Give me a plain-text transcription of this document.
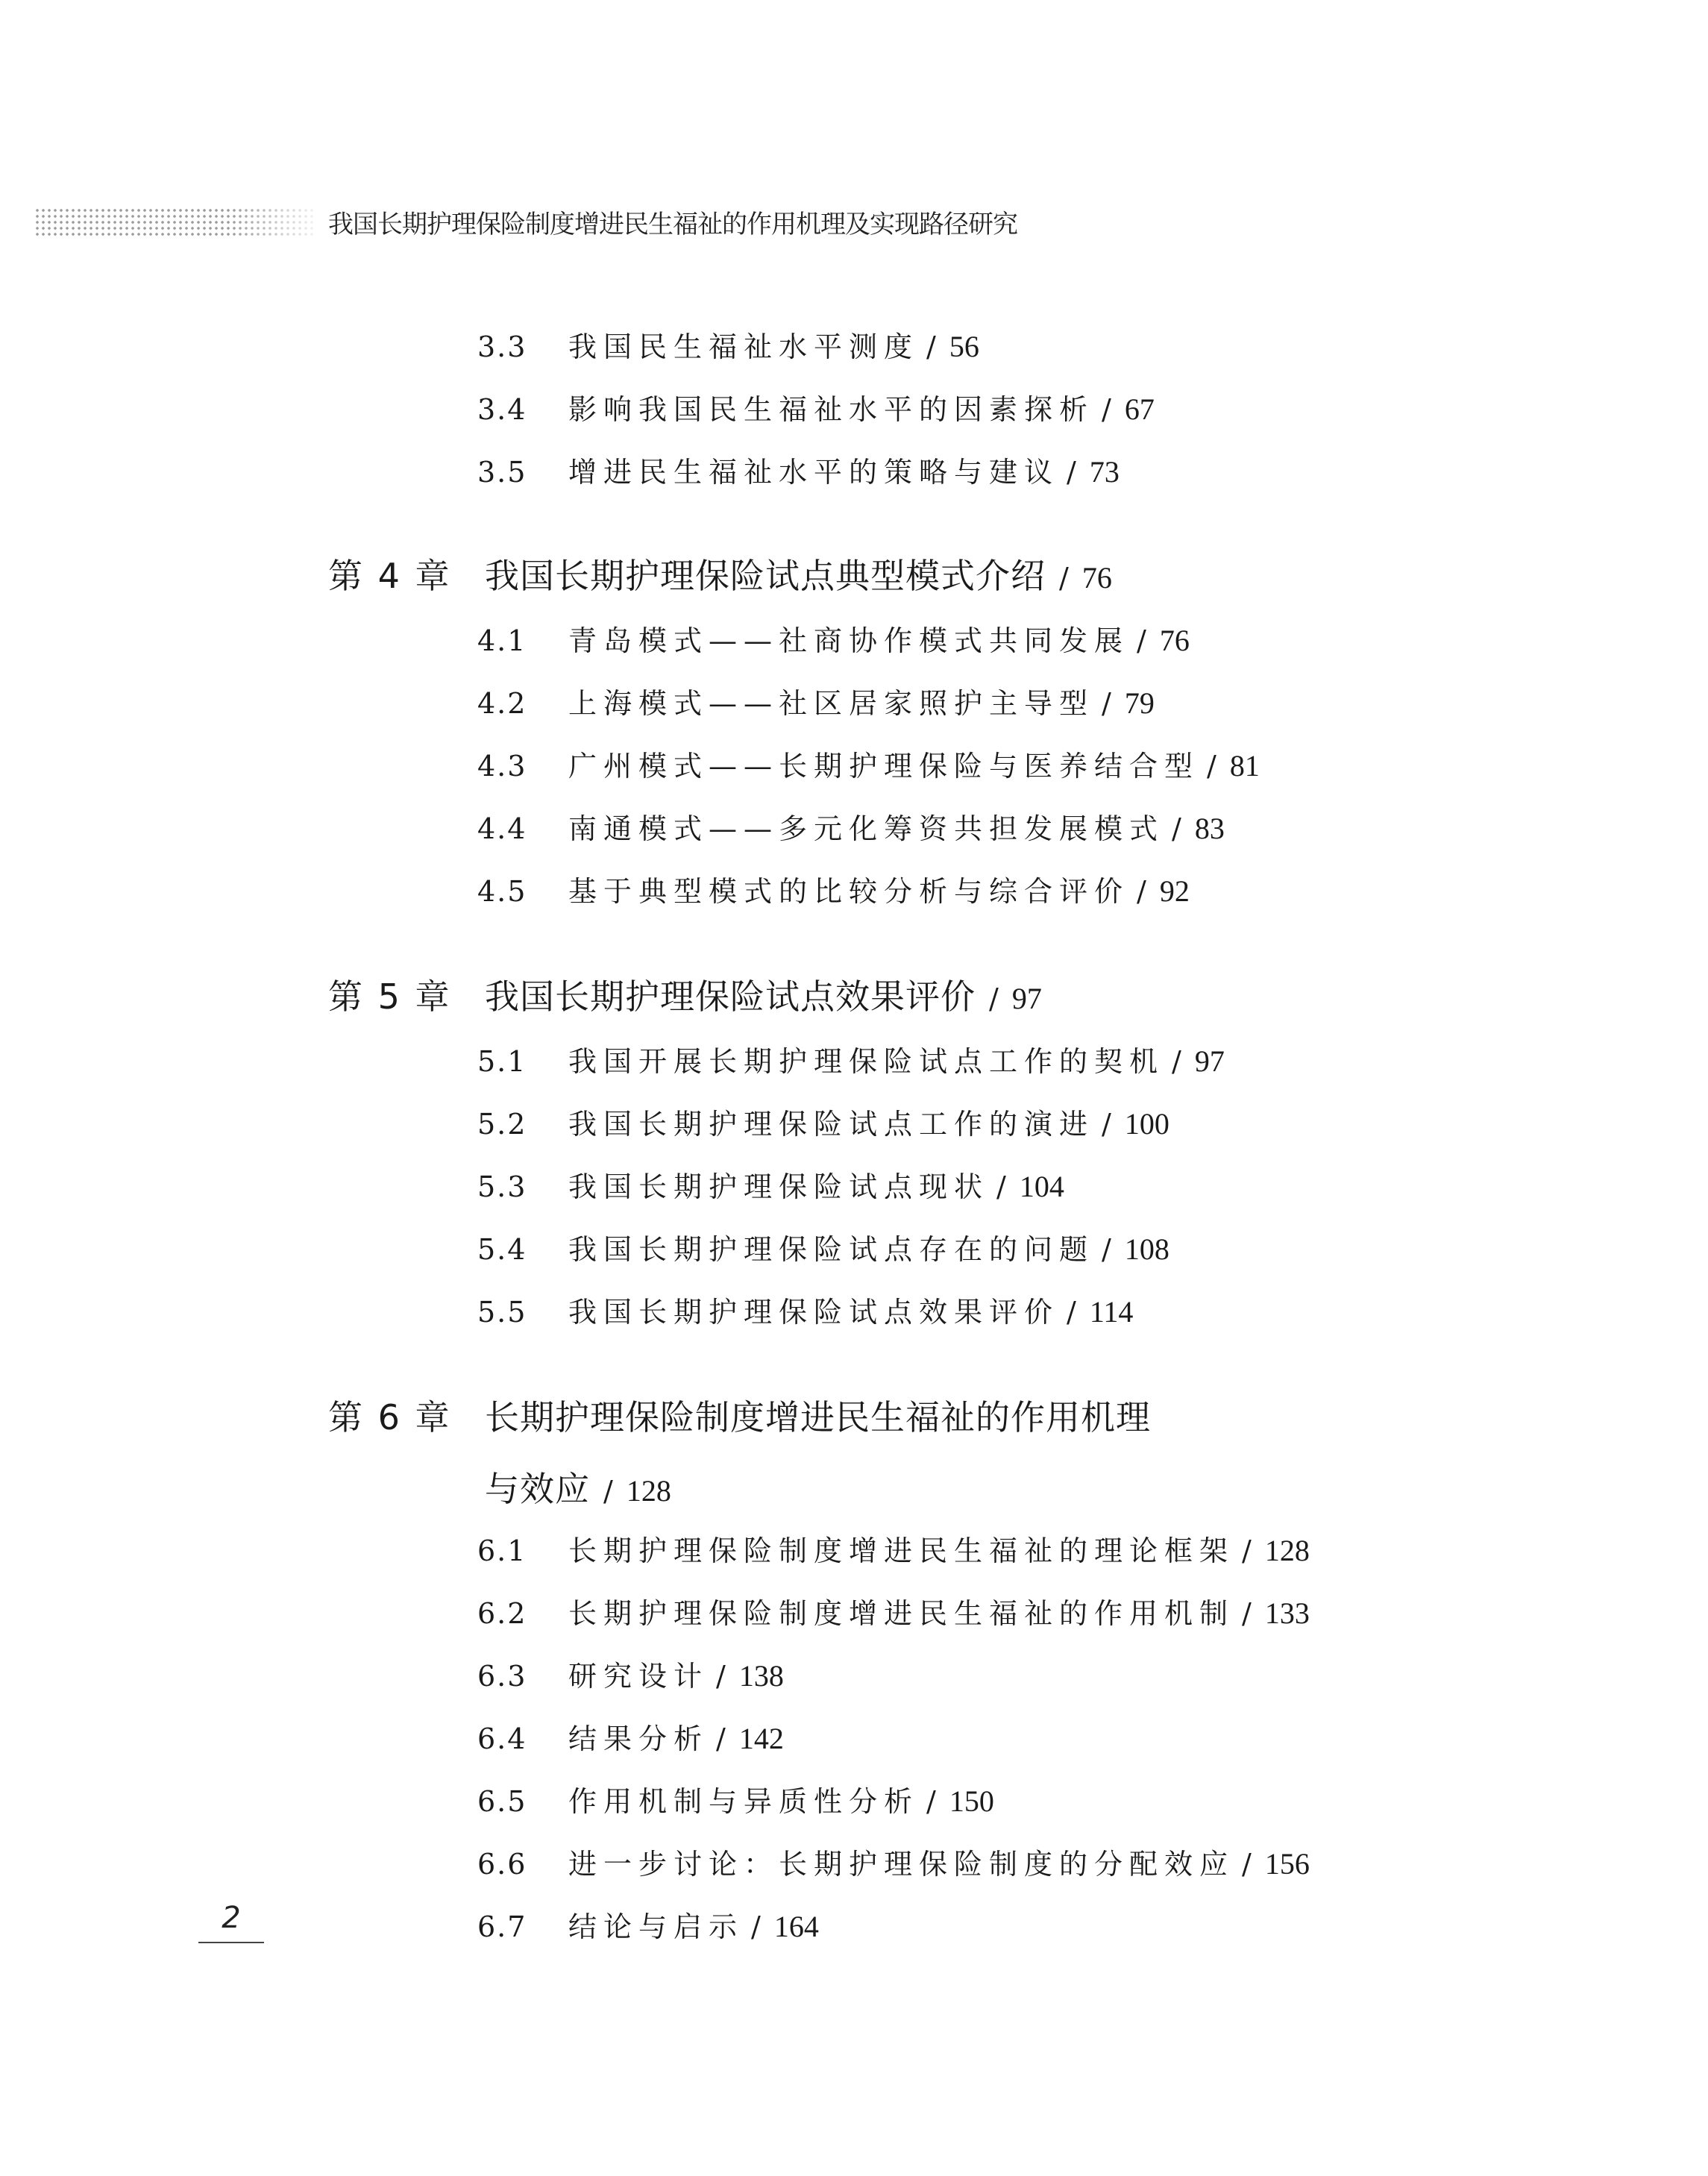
我国长期护理保险制度增进民生福祉的作用机理及实现路径研究
3.3 我国民生福祉水平测度 / 56
3.4 影响我国民生福祉水平的因素探析 / 67
3.5 增进民生福祉水平的策略与建议 / 73
第 4 章 我国长期护理保险试点典型模式介绍 / 76
4.1 青岛模式——社商协作模式共同发展 / 76
4.2 上海模式——社区居家照护主导型 / 79
4.3 广州模式——长期护理保险与医养结合型 / 81
4.4 南通模式——多元化筹资共担发展模式 / 83
4.5 基于典型模式的比较分析与综合评价 / 92
第 5 章 我国长期护理保险试点效果评价 / 97
5.1 我国开展长期护理保险试点工作的契机 / 97
5.2 我国长期护理保险试点工作的演进 / 100
5.3 我国长期护理保险试点现状 / 104
5.4 我国长期护理保险试点存在的问题 / 108
5.5 我国长期护理保险试点效果评价 / 114
第 6 章 长期护理保险制度增进民生福祉的作用机理
与效应 / 128
6.1 长期护理保险制度增进民生福祉的理论框架 / 128
6.2 长期护理保险制度增进民生福祉的作用机制 / 133
6.3 研究设计 / 138
6.4 结果分析 / 142
6.5 作用机制与异质性分析 / 150
6.6 进一步讨论：长期护理保险制度的分配效应 / 156
6.7 结论与启示 / 164
2
